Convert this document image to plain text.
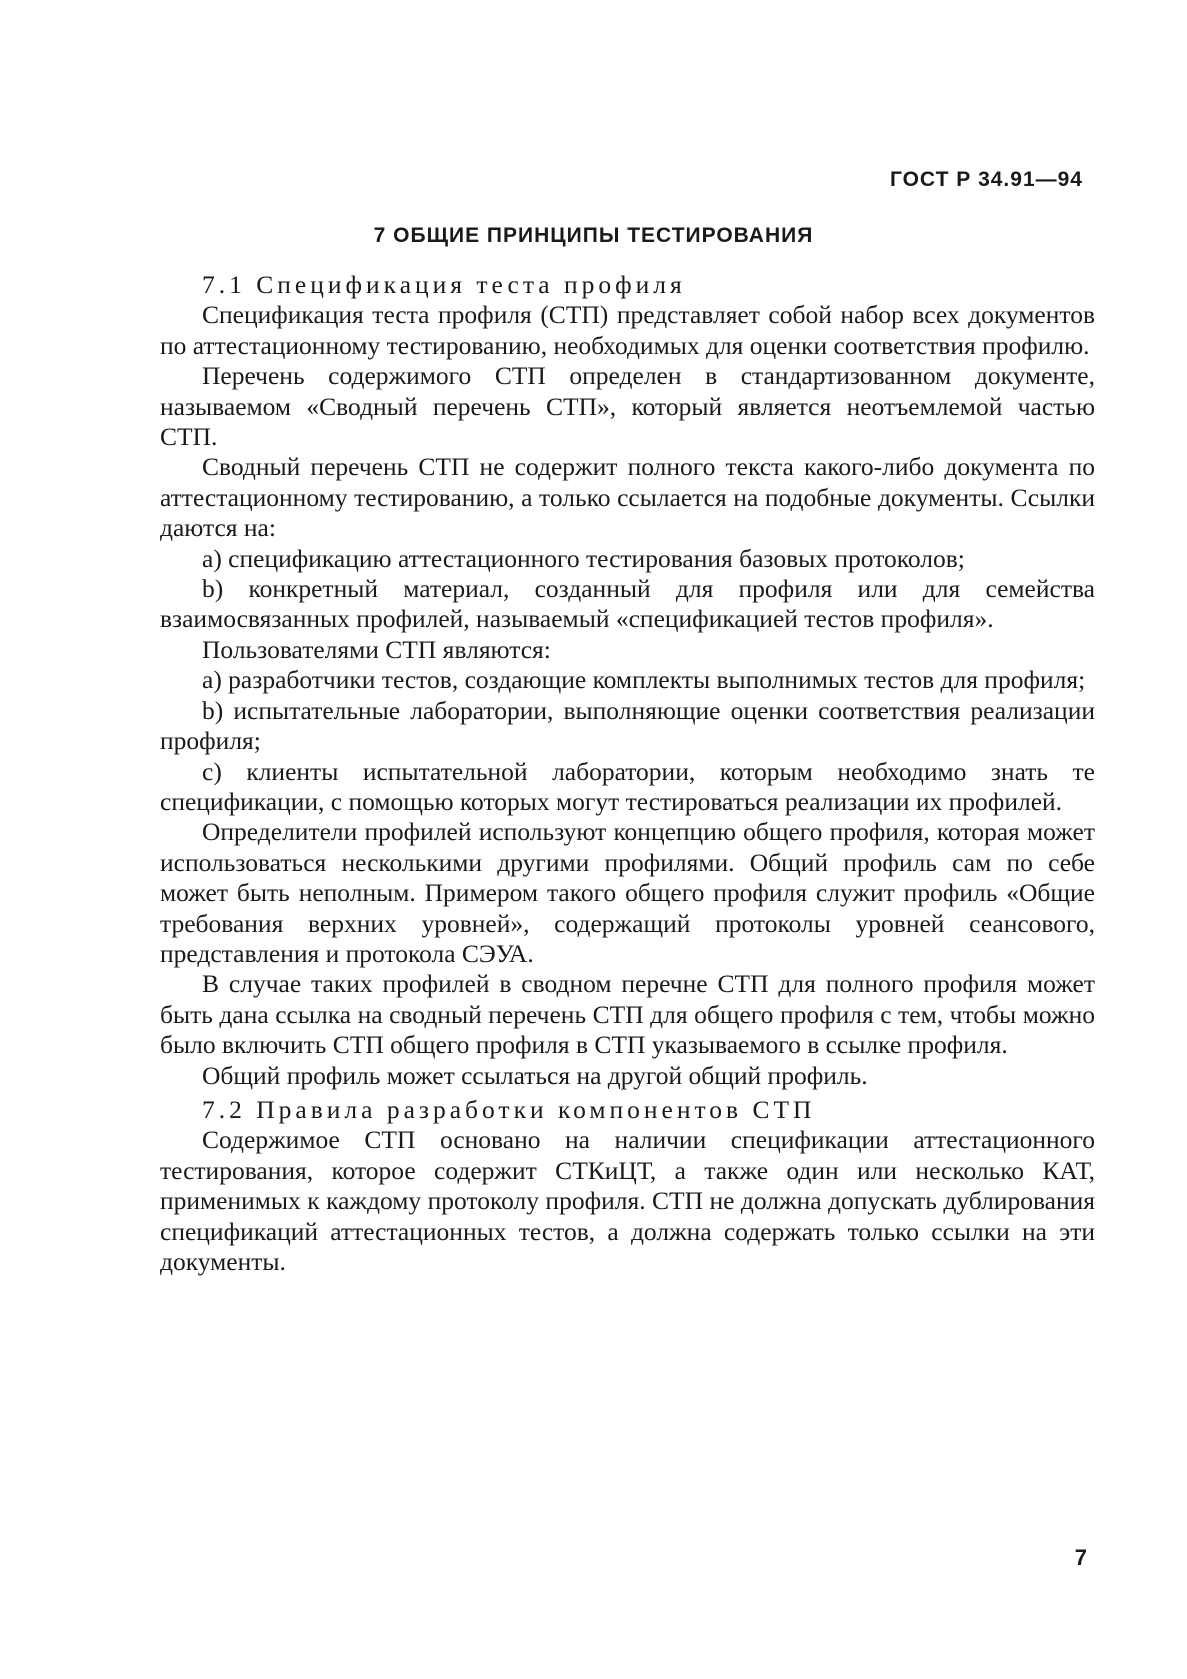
ГОСТ Р 34.91—94
7 ОБЩИЕ ПРИНЦИПЫ ТЕСТИРОВАНИЯ

7.1 Спецификация теста профиля

Спецификация теста профиля (СТП) представляет собой набор всех документов по аттестационному тестированию, необходимых для оценки соответствия профилю.

Перечень содержимого СТП определен в стандартизованном документе, называемом «Сводный перечень СТП», который является неотъемлемой частью СТП.

Сводный перечень СТП не содержит полного текста какого-либо документа по аттестационному тестированию, а только ссылается на подобные документы. Ссылки даются на:

а) спецификацию аттестационного тестирования базовых протоколов;

b) конкретный материал, созданный для профиля или для семейства взаимосвязанных профилей, называемый «спецификацией тестов профиля».

Пользователями СТП являются:

а) разработчики тестов, создающие комплекты выполнимых тестов для профиля;

b) испытательные лаборатории, выполняющие оценки соответствия реализации профиля;

с) клиенты испытательной лаборатории, которым необходимо знать те спецификации, с помощью которых могут тестироваться реализации их профилей.

Определители профилей используют концепцию общего профиля, которая может использоваться несколькими другими профилями. Общий профиль сам по себе может быть неполным. Примером такого общего профиля служит профиль «Общие требования верхних уровней», содержащий протоколы уровней сеансового, представления и протокола СЭУА.

В случае таких профилей в сводном перечне СТП для полного профиля может быть дана ссылка на сводный перечень СТП для общего профиля с тем, чтобы можно было включить СТП общего профиля в СТП указываемого в ссылке профиля.

Общий профиль может ссылаться на другой общий профиль.

7.2 Правила разработки компонентов СТП

Содержимое СТП основано на наличии спецификации аттестационного тестирования, которое содержит СТКиЦТ, а также один или несколько КАТ, применимых к каждому протоколу профиля. СТП не должна допускать дублирования спецификаций аттестационных тестов, а должна содержать только ссылки на эти документы.

7
